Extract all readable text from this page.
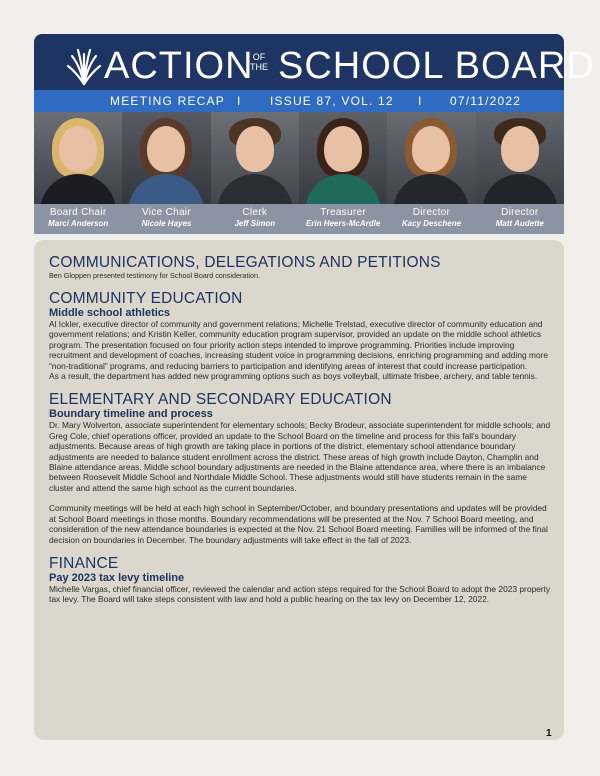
ACTION OF
THE SCHOOL BOARD
MEETING RECAP I ISSUE 87, VOL. 12 I 07/11/2022
Board Chair
Marci Anderson
Vice Chair
Nicole Hayes
Clerk
Jeff Simon
Treasurer
Erin Heers-McArdle
Director
Kacy Deschene
Director
Matt Audette
COMMUNICATIONS, DELEGATIONS AND PETITIONS
Ben Gloppen presented testimony for School Board consideration.
COMMUNITY EDUCATION
Middle school athletics
Al Ickler, executive director of community and government relations; Michelle Trelstad, executive director of community education and government relations; and Kristin Keller, community education program supervisor, provided an update on the middle school athletics program. The presentation focused on four priority action steps intended to improve programming. Priorities include improving recruitment and development of coaches, increasing student voice in programming decisions, enriching programming and adding more “non-traditional” programs, and reducing barriers to participation and identifying areas of interest that could increase participation.
As a result, the department has added new programming options such as boys volleyball, ultimate frisbee, archery, and table tennis.
ELEMENTARY AND SECONDARY EDUCATION
Boundary timeline and process
Dr. Mary Wolverton, associate superintendent for elementary schools; Becky Brodeur, associate superintendent for middle schools; and Greg Cole, chief operations officer, provided an update to the School Board on the timeline and process for this fall’s boundary adjustments. Because areas of high growth are taking place in portions of the district, elementary school attendance boundary adjustments are needed to balance student enrollment across the district. These areas of high growth include Dayton, Champlin and Blaine attendance areas. Middle school boundary adjustments are needed in the Blaine attendance area, where there is an imbalance between Roosevelt Middle School and Northdale Middle School. These adjustments would still have students remain in the same cluster and attend the same high school as the current boundaries.
Community meetings will be held at each high school in September/October, and boundary presentations and updates will be provided at School Board meetings in those months. Boundary recommendations will be presented at the Nov. 7 School Board meeting, and consideration of the new attendance boundaries is expected at the Nov. 21 School Board meeting. Families will be informed of the final decision on boundaries in December. The boundary adjustments will take effect in the fall of 2023.
FINANCE
Pay 2023 tax levy timeline
Michelle Vargas, chief financial officer, reviewed the calendar and action steps required for the School Board to adopt the 2023 property tax levy. The Board will take steps consistent with law and hold a public hearing on the tax levy on December 12, 2022.
1
